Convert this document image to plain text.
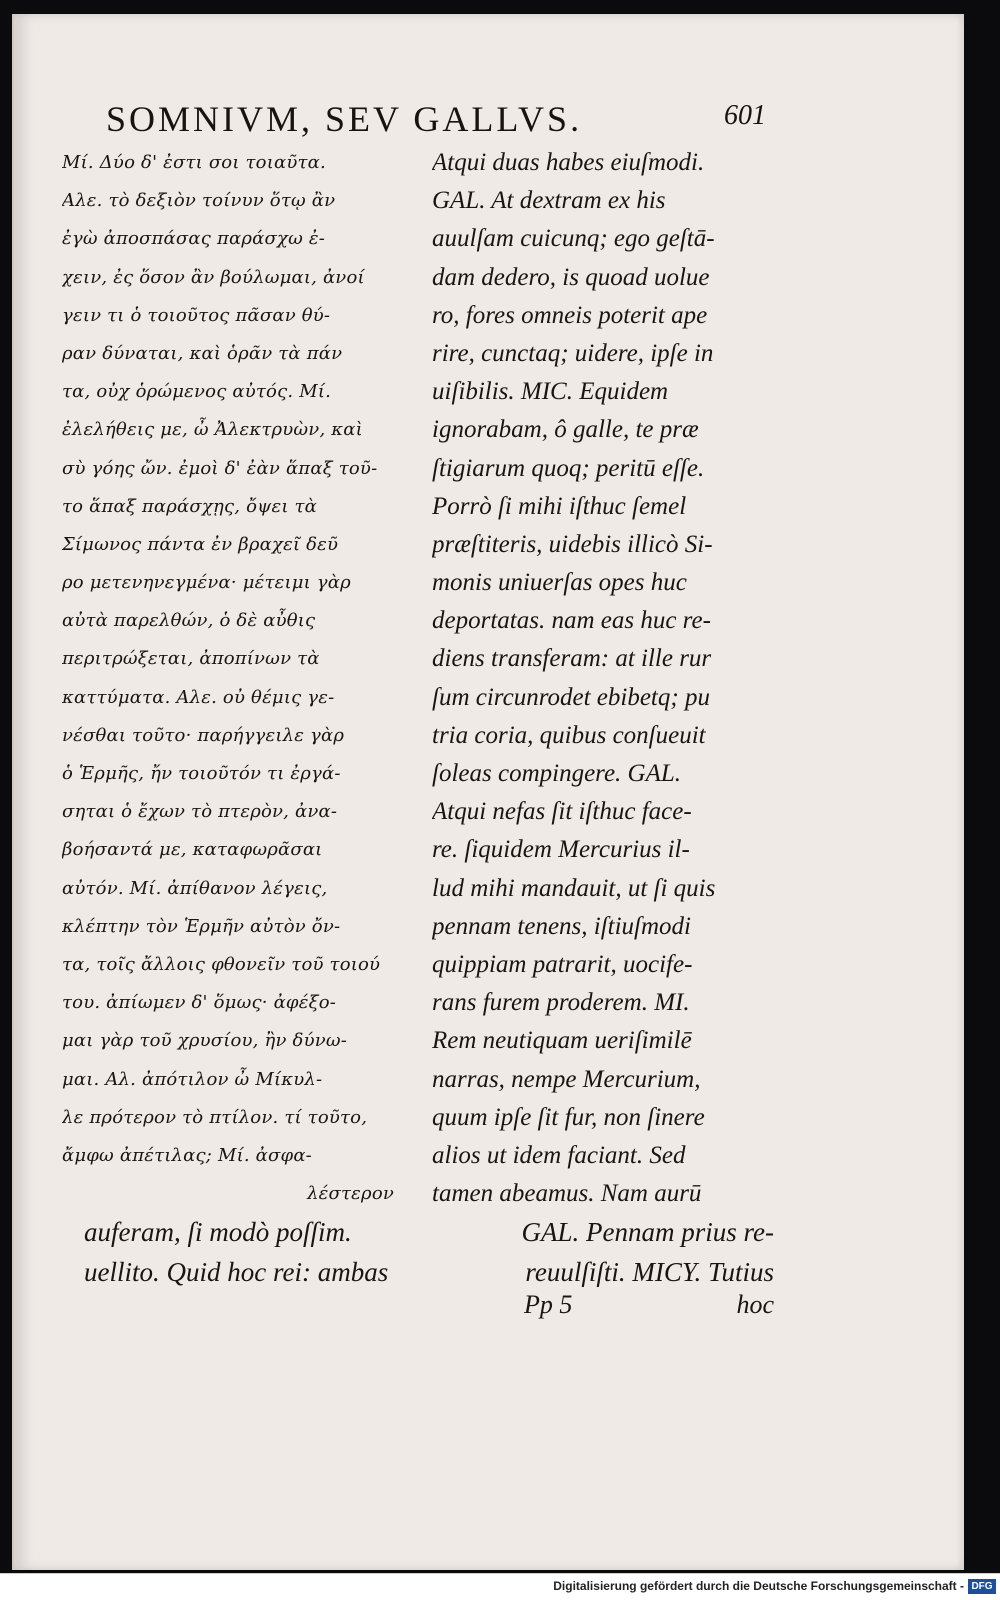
SOMNIVM, SEV GALLVS.	601
Μί. Δύο δ' ἐστι σοι τοιαῦτα.
Αλε. τὸ δεξιὸν τοίνυν ὅτῳ ἂν
ἐγὼ ἀποσπάσας παράσχω ἐ-
χειν, ἐς ὅσον ἂν βούλωμαι, ἀνοί
γειν τι ὁ τοιοῦτος πᾶσαν θύ-
ραν δύναται, καὶ ὁρᾶν τὰ πάν
τα, οὐχ ὁρώμενος αὐτός. Μί.
ἐλελήθεις με, ὦ Ἀλεκτρυὼν, καὶ
σὺ γόης ὤν. ἐμοὶ δ' ἐὰν ἅπαξ τοῦ-
το ἅπαξ παράσχῃς, ὄψει τὰ
Σίμωνος πάντα ἐν βραχεῖ δεῦ
ρο μετενηνεγμένα· μέτειμι γὰρ
αὐτὰ παρελθών, ὁ δὲ αὖθις
περιτρώξεται, ἀποπίνων τὰ
καττύματα. Αλε. οὐ θέμις γε-
νέσθαι τοῦτο· παρήγγειλε γὰρ
ὁ Ἑρμῆς, ἤν τοιοῦτόν τι ἐργά-
σηται ὁ ἔχων τὸ πτερὸν, ἀνα-
βοήσαντά με, καταφωρᾶσαι
αὐτόν. Μί. ἀπίθανον λέγεις,
κλέπτην τὸν Ἑρμῆν αὐτὸν ὄν-
τα, τοῖς ἄλλοις φθονεῖν τοῦ τοιού
του. ἀπίωμεν δ' ὅμως· ἀφέξο-
μαι γὰρ τοῦ χρυσίου, ἢν δύνω-
μαι. Αλ. ἀπότιλον ὦ Μίκυλ-
λε πρότερον τὸ πτίλον. τί τοῦτο,
ἄμφω ἀπέτιλας; Μί. ἀσφα-
λέστερον
Atqui duas habes eiuſmodi.
GAL. At dextram ex his
auulſam cuicunq; ego geſtā-
dam dedero, is quoad uolue
ro, fores omneis poterit ape
rire, cunctaq; uidere, ipſe in
uiſibilis. MIC. Equidem
ignorabam, ô galle, te præ
ſtigiarum quoq; peritū eſſe.
Porrò ſi mihi iſthuc ſemel
præſtiteris, uidebis illicò Si-
monis uniuerſas opes huc
deportatas. nam eas huc re-
diens transferam: at ille rur
ſum circunrodet ebibetq; pu
tria coria, quibus conſueuit
ſoleas compingere. GAL.
Atqui nefas ſit iſthuc face-
re. ſiquidem Mercurius il-
lud mihi mandauit, ut ſi quis
pennam tenens, iſtiuſmodi
quippiam patrarit, uocife-
rans furem proderem. MI.
Rem neutiquam ueriſimilē
narras, nempe Mercurium,
quum ipſe ſit fur, non ſinere
alios ut idem faciant. Sed
tamen abeamus. Nam aurū
auferam, ſi modò poſſim.	GAL. Pennam prius re-
uellito. Quid hoc rei: ambas	reuulſiſti. MICY. Tutius
Pp 5	hoc
Digitalisierung gefördert durch die Deutsche Forschungsgemeinschaft - DFG
